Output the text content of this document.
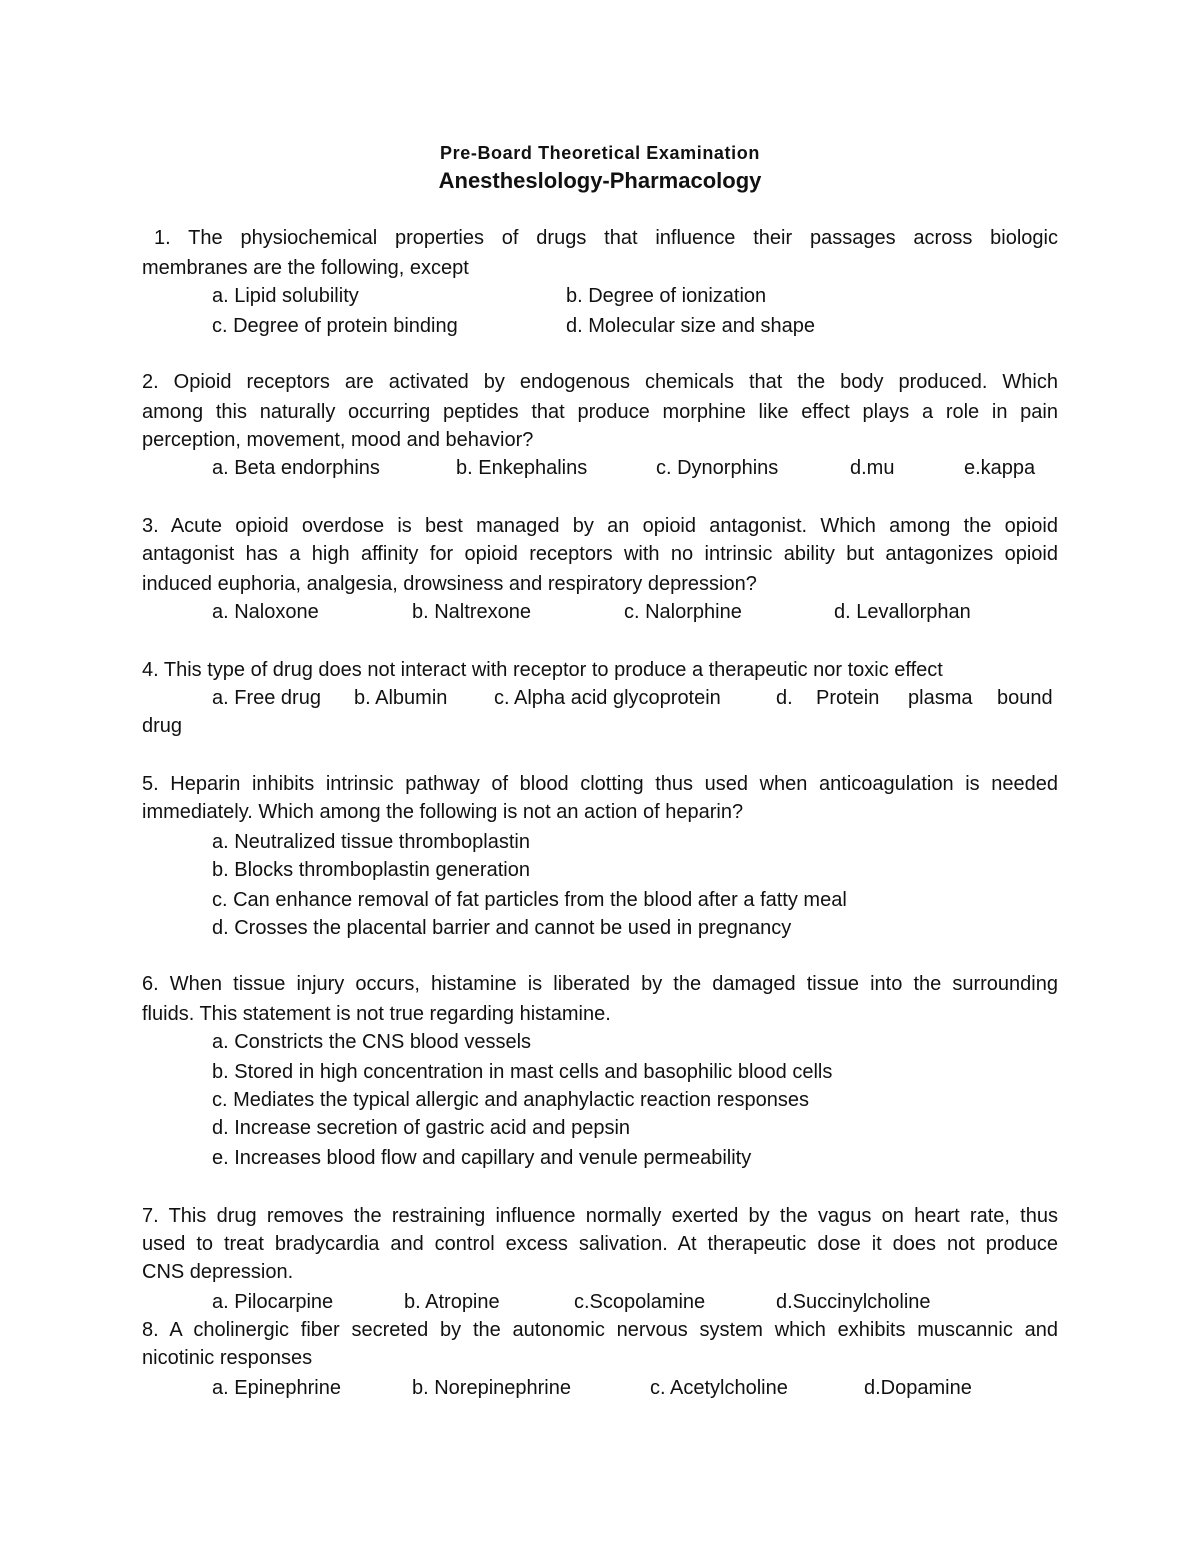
Pre-Board Theoretical Examination
Anestheslology-Pharmacology
1. The physiochemical properties of drugs that influence their passages across biologic
membranes are the following, except
a. Lipid solubility	b. Degree of ionization
c. Degree of protein binding	d. Molecular size and shape
2. Opioid receptors are activated by endogenous chemicals that the body produced. Which
among this naturally occurring peptides that produce morphine like effect plays a role in pain
perception, movement, mood and behavior?
a. Beta endorphins	b. Enkephalins	c. Dynorphins	d.mu	e.kappa
3. Acute opioid overdose is best managed by an opioid antagonist. Which among the opioid
antagonist has a high affinity for opioid receptors with no intrinsic ability but antagonizes opioid
induced euphoria, analgesia, drowsiness and respiratory depression?
a. Naloxone	b. Naltrexone	c. Nalorphine	d. Levallorphan
4. This type of drug does not interact with receptor to produce a therapeutic nor toxic effect
a. Free drug b. Albumin c. Alpha acid glycoprotein	d. Protein plasma bound
drug
5. Heparin inhibits intrinsic pathway of blood clotting thus used when anticoagulation is needed
immediately. Which among the following is not an action of heparin?
a. Neutralized tissue thromboplastin
b. Blocks thromboplastin generation
c. Can enhance removal of fat particles from the blood after a fatty meal
d. Crosses the placental barrier and cannot be used in pregnancy
6. When tissue injury occurs, histamine is liberated by the damaged tissue into the surrounding
fluids. This statement is not true regarding histamine.
a. Constricts the CNS blood vessels
b. Stored in high concentration in mast cells and basophilic blood cells
c. Mediates the typical allergic and anaphylactic reaction responses
d. Increase secretion of gastric acid and pepsin
e. Increases blood flow and capillary and venule permeability
7. This drug removes the restraining influence normally exerted by the vagus on heart rate, thus
used to treat bradycardia and control excess salivation. At therapeutic dose it does not produce
CNS depression.
a. Pilocarpine	b. Atropine	c.Scopolamine	d.Succinylcholine
8. A cholinergic fiber secreted by the autonomic nervous system which exhibits muscannic and
nicotinic responses
a. Epinephrine	b. Norepinephrine	c. Acetylcholine	d.Dopamine
